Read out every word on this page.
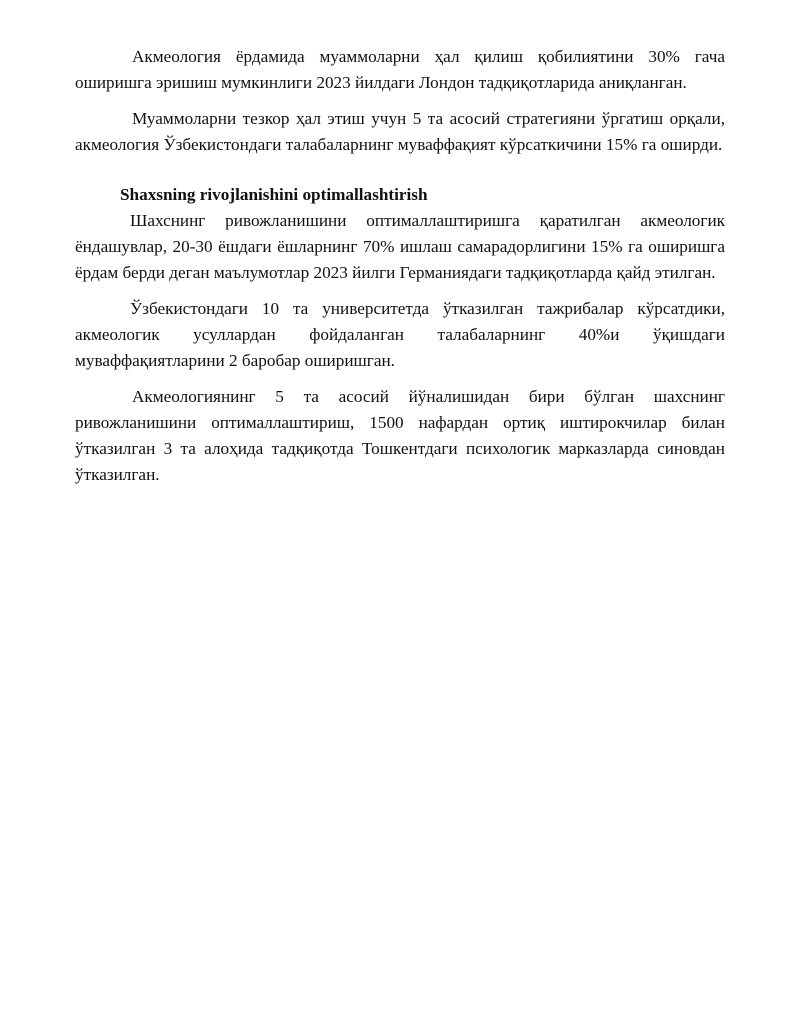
Акмеология ёрдамида муаммоларни ҳал қилиш қобилиятини 30% гача оширишга эришиш мумкинлиги 2023 йилдаги Лондон тадқиқотларида аниқланган.

Муаммоларни тезкор ҳал этиш учун 5 та асосий стратегияни ўргатиш орқали, акмеология Ўзбекистондаги талабаларнинг муваффақият кўрсаткичини 15% га оширди.

Shaxsning rivojlanishini optimallashtirish

Шахснинг ривожланишини оптималлаштиришга қаратилган акмеологик ёндашувлар, 20-30 ёшдаги ёшларнинг 70% ишлаш самарадорлигини 15% га оширишга ёрдам берди деган маълумотлар 2023 йилги Германиядаги тадқиқотларда қайд этилган.

Ўзбекистондаги 10 та университетда ўтказилган тажрибалар кўрсатдики, акмеологик усуллардан фойдаланган талабаларнинг 40%и ўқишдаги муваффақиятларини 2 баробар оширишган.

Акмеологиянинг 5 та асосий йўналишидан бири бўлган шахснинг ривожланишини оптималлаштириш, 1500 нафардан ортиқ иштирокчилар билан ўтказилган 3 та алоҳида тадқиқотда Тошкентдаги психологик марказларда синовдан ўтказилган.
